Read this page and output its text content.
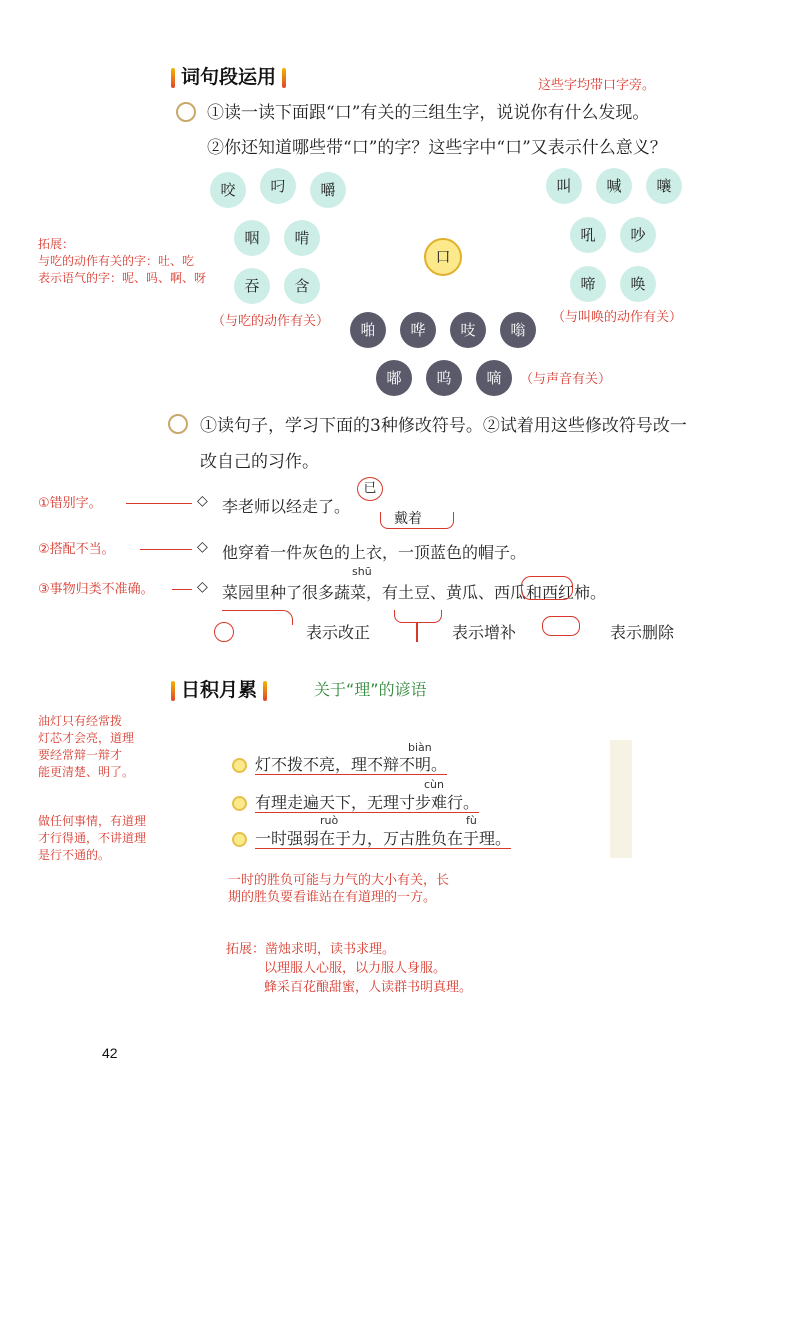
词句段运用	这些字均带口字旁。
①读一读下面跟“口”有关的三组生字，说说你有什么发现。
②你还知道哪些带“口”的字？这些字中“口”又表示什么意义？
咬	叼	嚼
咽	啃
吞	含
叫	喊	嚷
吼	吵
啼	唤
口
啪	哗	吱	嗡
嘟	呜	嘀
（与吃的动作有关）	（与叫唤的动作有关）
（与声音有关）
拓展：
与吃的动作有关的字：吐、吃
表示语气的字：呢、吗、啊、呀
①读句子，学习下面的3种修改符号。②试着用这些修改符号改一
改自己的习作。
①错别字。	◇ 李老师以经走了。
已
戴着
②搭配不当。	◇ 他穿着一件灰色的上衣，一顶蓝色的帽子。
shū
③事物归类不准确。	◇ 菜园里种了很多蔬菜，有土豆、黄瓜、西瓜和西红柿。
表示改正	表示增补	表示删除
日积月累	关于“理”的谚语
油灯只有经常拨
灯芯才会亮，道理
要经常辩一辩才
能更清楚、明了。
做任何事情，有道理
才行得通，不讲道理
是行不通的。
biàn
灯不拨不亮，理不辩不明。
cùn
有理走遍天下，无理寸步难行。
ruò	fù
一时强弱在于力，万古胜负在于理。
一时的胜负可能与力气的大小有关，长
期的胜负要看谁站在有道理的一方。
拓展：凿烛求明，读书求理。
以理服人心服，以力服人身服。
蜂采百花酿甜蜜，人读群书明真理。
42
